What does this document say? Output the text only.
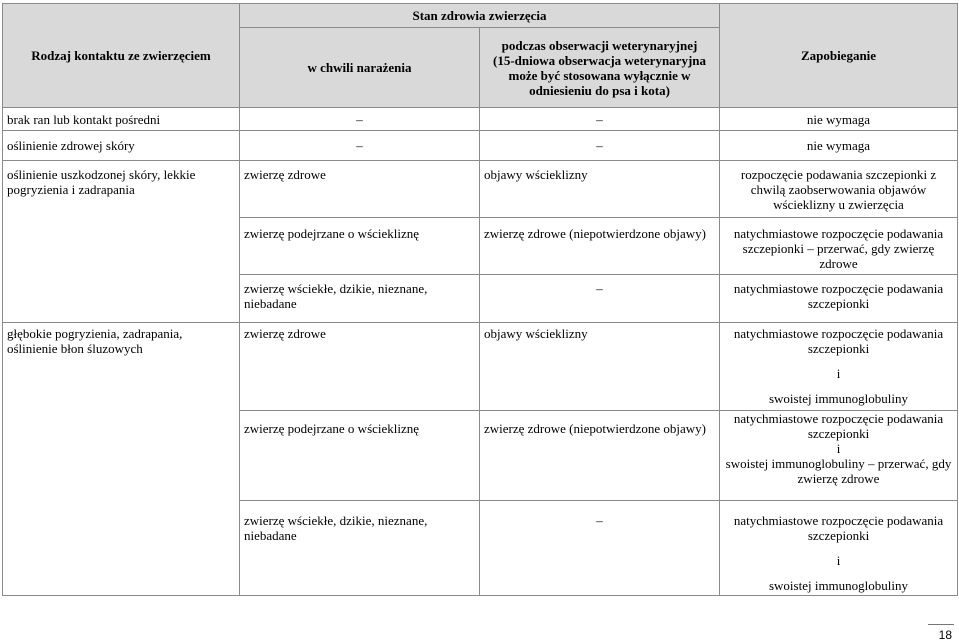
Rodzaj kontaktu ze zwierzęciem	Stan zdrowia zwierzęcia		Zapobieganie
	w chwili narażenia	podczas obserwacji weterynaryjnej
(15-dniowa obserwacja weterynaryjna może być stosowana wyłącznie w odniesieniu do psa i kota)	

brak ran lub kontakt pośredni	–	–	nie wymaga
oślinienie zdrowej skóry	–	–	nie wymaga
oślinienie uszkodzonej skóry, lekkie pogryzienia i zadrapania	zwierzę zdrowe	objawy wścieklizny	rozpoczęcie podawania szczepionki z chwilą zaobserwowania objawów wścieklizny u zwierzęcia
	zwierzę podejrzane o wściekliznę	zwierzę zdrowe (niepotwierdzone objawy)	natychmiastowe rozpoczęcie podawania szczepionki – przerwać, gdy zwierzę zdrowe
	zwierzę wściekłe, dzikie, nieznane, niebadane	–	natychmiastowe rozpoczęcie podawania szczepionki
głębokie pogryzienia, zadrapania, oślinienie błon śluzowych	zwierzę zdrowe	objawy wścieklizny	natychmiastowe rozpoczęcie podawania szczepionki
i
swoistej immunoglobuliny

	zwierzę podejrzane o wściekliznę	zwierzę zdrowe (niepotwierdzone objawy)	natychmiastowe rozpoczęcie podawania szczepionki
i
swoistej immunoglobuliny – przerwać, gdy zwierzę zdrowe

	zwierzę wściekłe, dzikie, nieznane, niebadane	–	natychmiastowe rozpoczęcie podawania szczepionki
i
swoistej immunoglobuliny
18
